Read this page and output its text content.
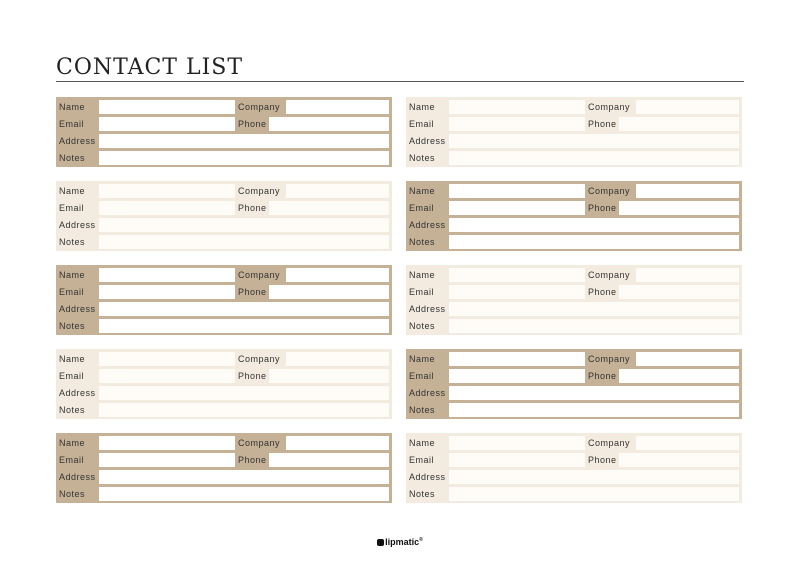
CONTACT LIST
Name	Company
Email	Phone
Address
Notes
Name	Company
Email	Phone
Address
Notes
Name	Company
Email	Phone
Address
Notes
Name	Company
Email	Phone
Address
Notes
Name	Company
Email	Phone
Address
Notes
Name	Company
Email	Phone
Address
Notes
Name	Company
Email	Phone
Address
Notes
Name	Company
Email	Phone
Address
Notes
Name	Company
Email	Phone
Address
Notes
Name	Company
Email	Phone
Address
Notes
lipmatic®
